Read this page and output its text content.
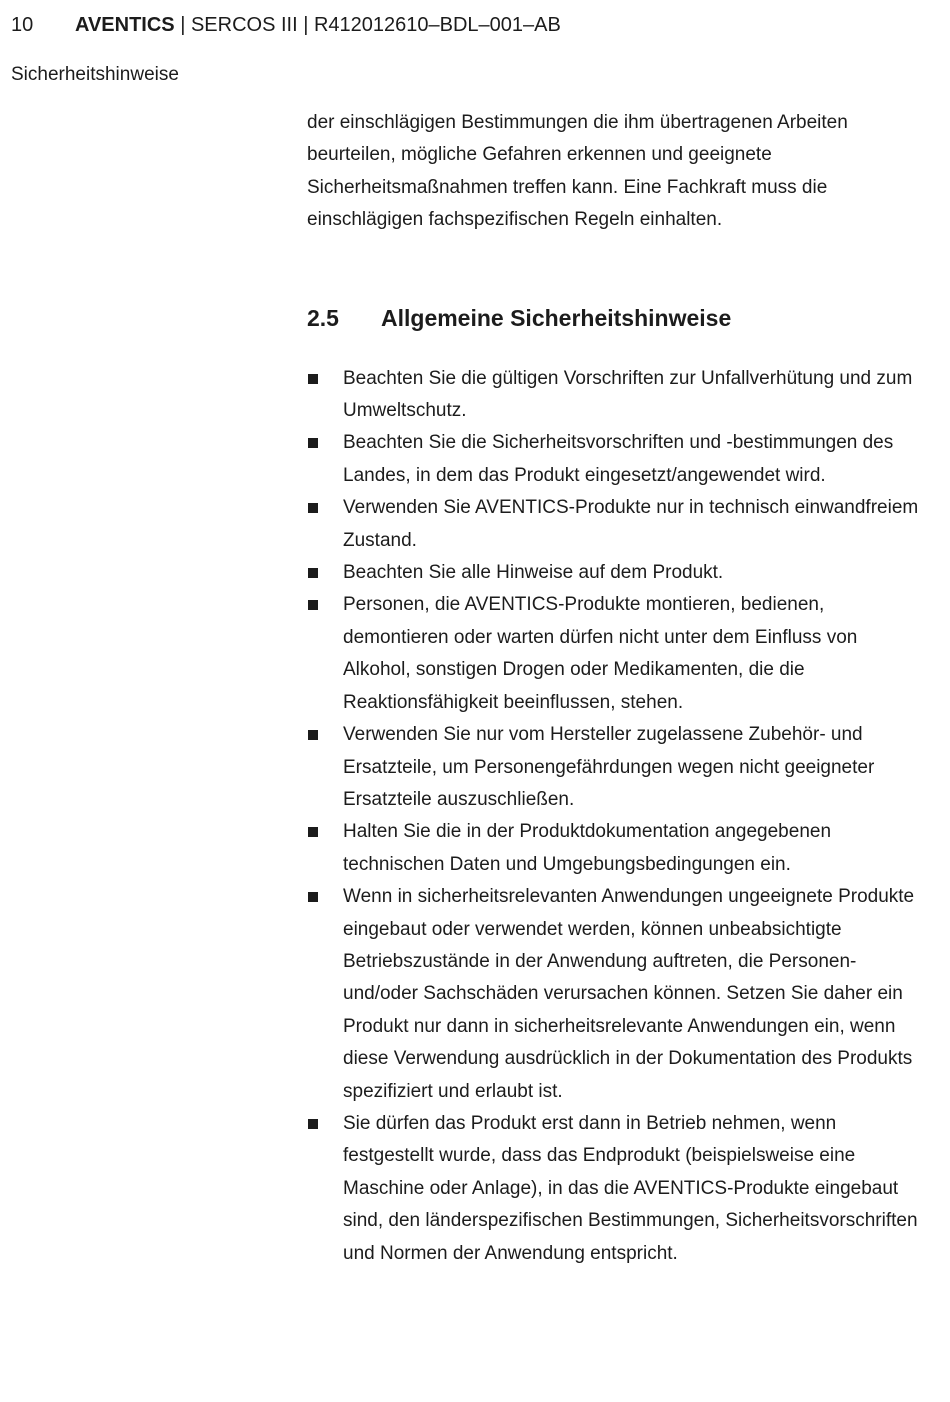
10 AVENTICS | SERCOS III | R412012610–BDL–001–AB
Sicherheitshinweise

der einschlägigen Bestimmungen die ihm übertragenen Arbeiten beurteilen, mögliche Gefahren erkennen und geeignete Sicherheitsmaßnahmen treffen kann. Eine Fachkraft muss die einschlägigen fachspezifischen Regeln einhalten.

2.5 Allgemeine Sicherheitshinweise
Beachten Sie die gültigen Vorschriften zur Unfallverhütung und zum Umweltschutz.
Beachten Sie die Sicherheitsvorschriften und -bestimmungen des Landes, in dem das Produkt eingesetzt/angewendet wird.
Verwenden Sie AVENTICS-Produkte nur in technisch einwandfreiem Zustand.
Beachten Sie alle Hinweise auf dem Produkt.
Personen, die AVENTICS-Produkte montieren, bedienen, demontieren oder warten dürfen nicht unter dem Einfluss von Alkohol, sonstigen Drogen oder Medikamenten, die die Reaktionsfähigkeit beeinflussen, stehen.
Verwenden Sie nur vom Hersteller zugelassene Zubehör- und Ersatzteile, um Personengefährdungen wegen nicht geeigneter Ersatzteile auszuschließen.
Halten Sie die in der Produktdokumentation angegebenen technischen Daten und Umgebungsbedingungen ein.
Wenn in sicherheitsrelevanten Anwendungen ungeeignete Produkte eingebaut oder verwendet werden, können unbeabsichtigte Betriebszustände in der Anwendung auftreten, die Personen- und/oder Sachschäden verursachen können. Setzen Sie daher ein Produkt nur dann in sicherheitsrelevante Anwendungen ein, wenn diese Verwendung ausdrücklich in der Dokumentation des Produkts spezifiziert und erlaubt ist.
Sie dürfen das Produkt erst dann in Betrieb nehmen, wenn festgestellt wurde, dass das Endprodukt (beispielsweise eine Maschine oder Anlage), in das die AVENTICS-Produkte eingebaut sind, den länderspezifischen Bestimmungen, Sicherheitsvorschriften und Normen der Anwendung entspricht.
